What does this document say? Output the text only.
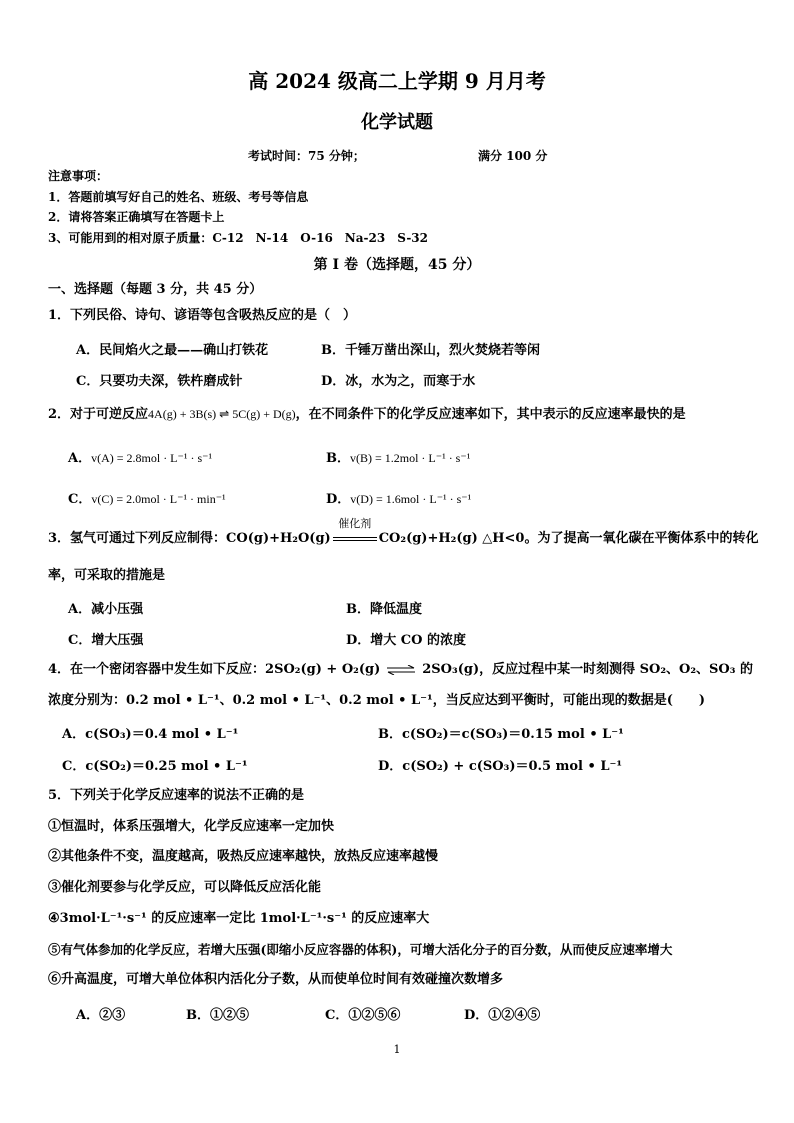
高 2024 级高二上学期 9 月月考
化学试题
考试时间：75 分钟；	满分 100 分
注意事项：
1．答题前填写好自己的姓名、班级、考号等信息
2．请将答案正确填写在答题卡上
3、可能用到的相对原子质量：C-12　N-14　O-16　Na-23　S-32
第 I 卷（选择题，45 分）
一、选择题（每题 3 分，共 45 分）
1．下列民俗、诗句、谚语等包含吸热反应的是（　）
A．民间焰火之最——确山打铁花	B．千锤万凿出深山，烈火焚烧若等闲
C．只要功夫深，铁杵磨成针	D．冰，水为之，而寒于水
2．对于可逆反应4A(g) + 3B(s) ⇌ 5C(g) + D(g)，在不同条件下的化学反应速率如下，其中表示的反应速率最快的是
A．v(A) = 2.8mol · L⁻¹ · s⁻¹	B．v(B) = 1.2mol · L⁻¹ · s⁻¹
C．v(C) = 2.0mol · L⁻¹ · min⁻¹	D．v(D) = 1.6mol · L⁻¹ · s⁻¹
3．氢气可通过下列反应制得：CO(g)+H₂O(g)
催化剂
CO₂(g)+H₂(g) △H<0。为了提高一氧化碳在平衡体系中的转化
率，可采取的措施是
A．减小压强	B．降低温度
C．增大压强	D．增大 CO 的浓度
4．在一个密闭容器中发生如下反应：2SO₂(g) + O₂(g) ⇌ 2SO₃(g)，反应过程中某一时刻测得 SO₂、O₂、SO₃ 的
浓度分别为：0.2 mol • L⁻¹、0.2 mol • L⁻¹、0.2 mol • L⁻¹，当反应达到平衡时，可能出现的数据是(　　)
A．c(SO₃)＝0.4 mol • L⁻¹	B．c(SO₂)＝c(SO₃)＝0.15 mol • L⁻¹
C．c(SO₂)＝0.25 mol • L⁻¹	D．c(SO₂) + c(SO₃)＝0.5 mol • L⁻¹
5．下列关于化学反应速率的说法不正确的是
①恒温时，体系压强增大，化学反应速率一定加快
②其他条件不变，温度越高，吸热反应速率越快，放热反应速率越慢
③催化剂要参与化学反应，可以降低反应活化能
④3mol·L⁻¹·s⁻¹ 的反应速率一定比 1mol·L⁻¹·s⁻¹ 的反应速率大
⑤有气体参加的化学反应，若增大压强(即缩小反应容器的体积)，可增大活化分子的百分数，从而使反应速率增大
⑥升高温度，可增大单位体积内活化分子数，从而使单位时间有效碰撞次数增多
A．②③	B．①②⑤	C．①②⑤⑥	D．①②④⑤
1
